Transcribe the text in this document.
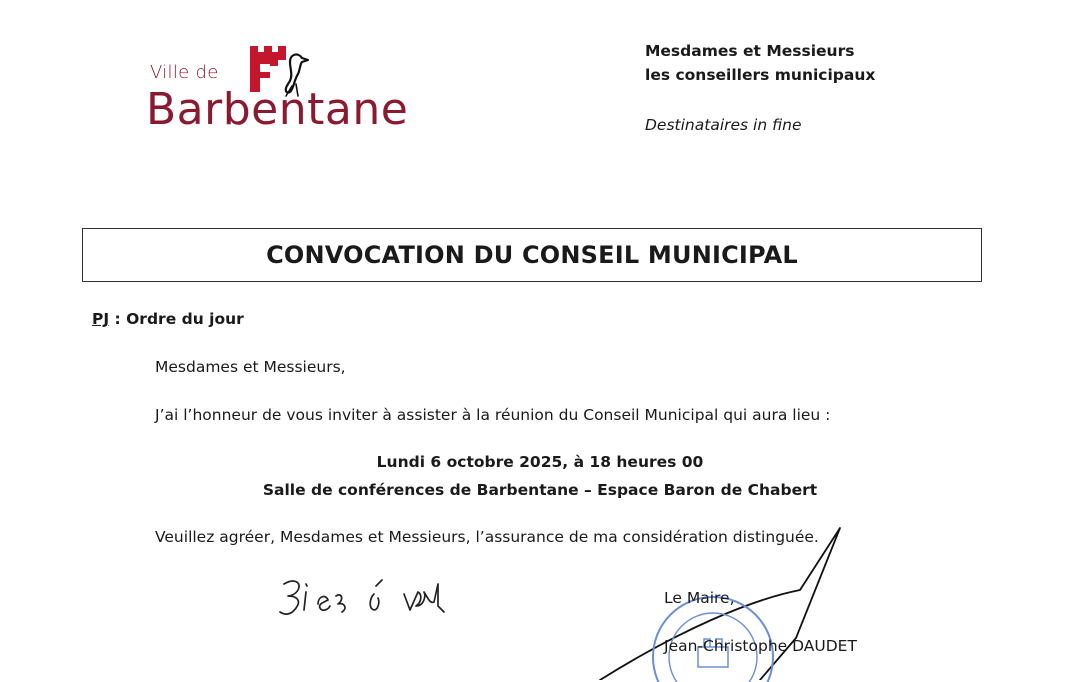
Ville de
Barbentane
Mesdames et Messieurs
les conseillers municipaux
Destinataires in fine
CONVOCATION DU CONSEIL MUNICIPAL
PJ : Ordre du jour
Mesdames et Messieurs,
J’ai l’honneur de vous inviter à assister à la réunion du Conseil Municipal qui aura lieu :
Lundi 6 octobre 2025, à 18 heures 00
Salle de conférences de Barbentane – Espace Baron de Chabert
Veuillez agréer, Mesdames et Messieurs, l’assurance de ma considération distinguée.
Le Maire,
Jean-Christophe DAUDET
